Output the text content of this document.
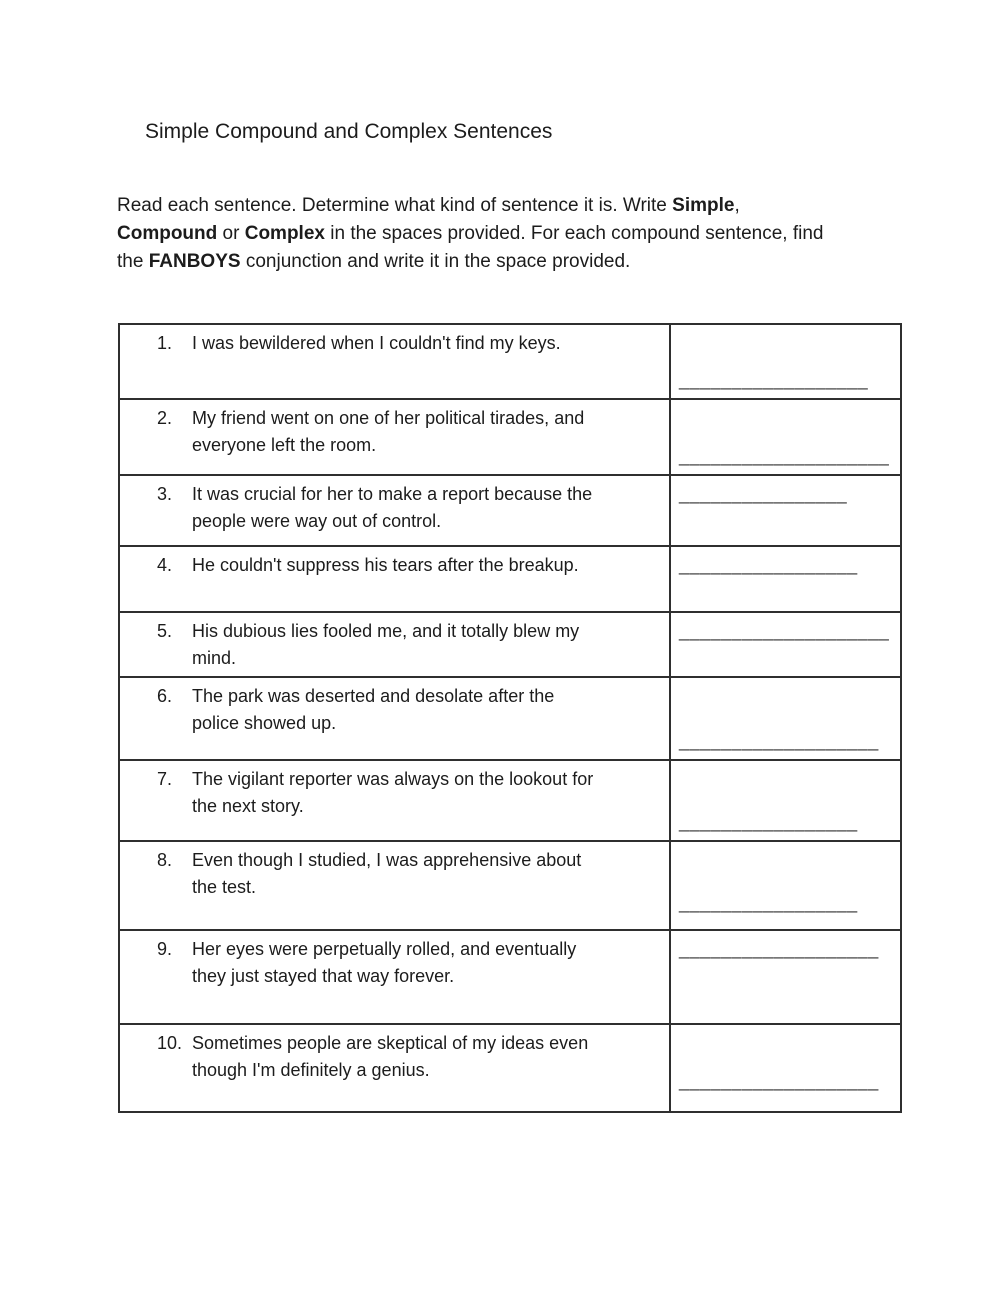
Simple Compound and Complex Sentences

Read each sentence. Determine what kind of sentence it is. Write Simple,

Compound or Complex in the spaces provided. For each compound sentence, find

the FANBOYS conjunction and write it in the space provided.

1.	I was bewildered when I couldn't find my keys.
__________________
2.	My friend went on one of her political tirades, and
everyone left the room.
____________________
3.	It was crucial for her to make a report because the
people were way out of control.
________________
4.	He couldn't suppress his tears after the breakup.	_________________
5.	His dubious lies fooled me, and it totally blew my
mind.
____________________
6.	The park was deserted and desolate after the
police showed up.
___________________
7.	The vigilant reporter was always on the lookout for
the next story.
_________________
8.	Even though I studied, I was apprehensive about
the test.
_________________
9.	Her eyes were perpetually rolled, and eventually
they just stayed that way forever.
___________________
10. Sometimes people are skeptical of my ideas even
though I'm definitely a genius.
___________________
